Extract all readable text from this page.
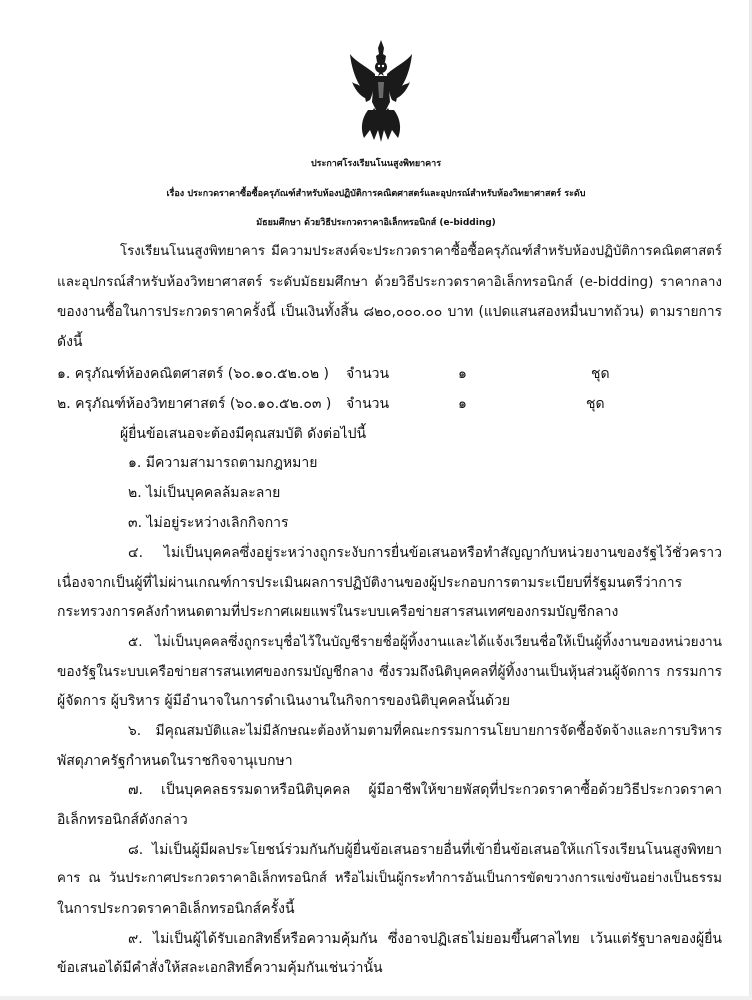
ประกาศโรงเรียนโนนสูงพิทยาคาร
เรื่อง ประกวดราคาซื้อซื้อครุภัณฑ์สำหรับห้องปฏิบัติการคณิตศาสตร์และอุปกรณ์สำหรับห้องวิทยาศาสตร์ ระดับ
มัธยมศึกษา ด้วยวิธีประกวดราคาอิเล็กทรอนิกส์ (e-bidding)
โรงเรียนโนนสูงพิทยาคาร มีความประสงค์จะประกวดราคาซื้อซื้อครุภัณฑ์สำหรับห้องปฏิบัติการคณิตศาสตร์
และอุปกรณ์สำหรับห้องวิทยาศาสตร์ ระดับมัธยมศึกษา ด้วยวิธีประกวดราคาอิเล็กทรอนิกส์ (e-bidding) ราคากลาง
ของงานซื้อในการประกวดราคาครั้งนี้ เป็นเงินทั้งสิ้น ๘๒๐,๐๐๐.๐๐ บาท (แปดแสนสองหมื่นบาทถ้วน) ตามรายการ
ดังนี้
๑. ครุภัณฑ์ห้องคณิตศาสตร์ (๖๐.๑๐.๕๒.๐๒ ) จำนวน	๑	ชุด
๒. ครุภัณฑ์ห้องวิทยาศาสตร์ (๖๐.๑๐.๕๒.๐๓ ) จำนวน	๑	ชุด
ผู้ยื่นข้อเสนอจะต้องมีคุณสมบัติ ดังต่อไปนี้
๑. มีความสามารถตามกฎหมาย
๒. ไม่เป็นบุคคลล้มละลาย
๓. ไม่อยู่ระหว่างเลิกกิจการ
๔. ไม่เป็นบุคคลซึ่งอยู่ระหว่างถูกระงับการยื่นข้อเสนอหรือทำสัญญากับหน่วยงานของรัฐไว้ชั่วคราว
เนื่องจากเป็นผู้ที่ไม่ผ่านเกณฑ์การประเมินผลการปฏิบัติงานของผู้ประกอบการตามระเบียบที่รัฐมนตรีว่าการ
กระทรวงการคลังกำหนดตามที่ประกาศเผยแพร่ในระบบเครือข่ายสารสนเทศของกรมบัญชีกลาง
๕. ไม่เป็นบุคคลซึ่งถูกระบุชื่อไว้ในบัญชีรายชื่อผู้ทิ้งงานและได้แจ้งเวียนชื่อให้เป็นผู้ทิ้งงานของหน่วยงาน
ของรัฐในระบบเครือข่ายสารสนเทศของกรมบัญชีกลาง ซึ่งรวมถึงนิติบุคคลที่ผู้ทิ้งงานเป็นหุ้นส่วนผู้จัดการ กรรมการ
ผู้จัดการ ผู้บริหาร ผู้มีอำนาจในการดำเนินงานในกิจการของนิติบุคคลนั้นด้วย
๖. มีคุณสมบัติและไม่มีลักษณะต้องห้ามตามที่คณะกรรมการนโยบายการจัดซื้อจัดจ้างและการบริหาร
พัสดุภาครัฐกำหนดในราชกิจจานุเบกษา
๗. เป็นบุคคลธรรมดาหรือนิติบุคคล ผู้มีอาชีพให้ขายพัสดุที่ประกวดราคาซื้อด้วยวิธีประกวดราคา
อิเล็กทรอนิกส์ดังกล่าว
๘. ไม่เป็นผู้มีผลประโยชน์ร่วมกันกับผู้ยื่นข้อเสนอรายอื่นที่เข้ายื่นข้อเสนอให้แก่โรงเรียนโนนสูงพิทยา
คาร ณ วันประกาศประกวดราคาอิเล็กทรอนิกส์ หรือไม่เป็นผู้กระทำการอันเป็นการขัดขวางการแข่งขันอย่างเป็นธรรม
ในการประกวดราคาอิเล็กทรอนิกส์ครั้งนี้
๙. ไม่เป็นผู้ได้รับเอกสิทธิ์หรือความคุ้มกัน ซึ่งอาจปฏิเสธไม่ยอมขึ้นศาลไทย เว้นแต่รัฐบาลของผู้ยื่น
ข้อเสนอได้มีคำสั่งให้สละเอกสิทธิ์ความคุ้มกันเช่นว่านั้น
